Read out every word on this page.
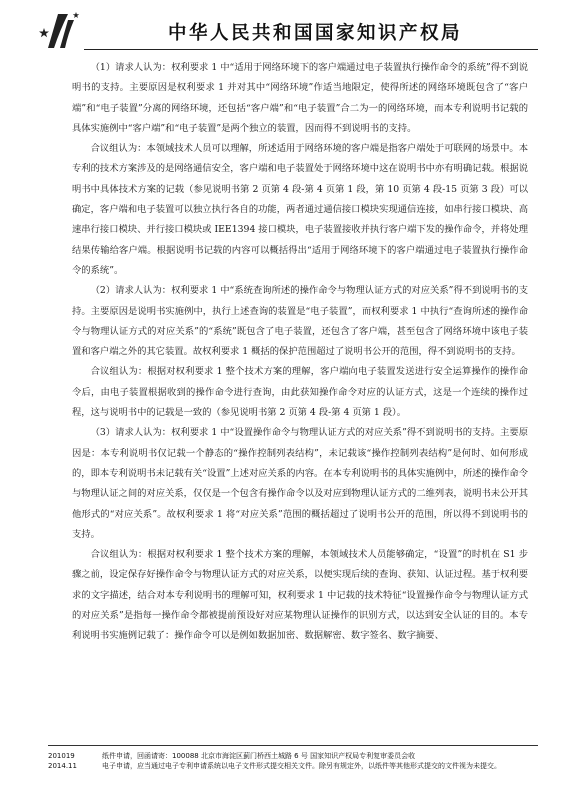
中华人民共和国国家知识产权局

（1）请求人认为：权利要求 1 中“适用于网络环境下的客户端通过电子装置执行操作命令的系统”得不到说明书的支持。主要原因是权利要求 1 并对其中“网络环境”作适当地限定，使得所述的网络环境既包含了“客户端”和“电子装置”分离的网络环境，还包括“客户端”和“电子装置”合二为一的网络环境，而本专利说明书记载的具体实施例中“客户端”和“电子装置”是两个独立的装置，因而得不到说明书的支持。

合议组认为：本领域技术人员可以理解，所述适用于网络环境的客户端是指客户端处于可联网的场景中。本专利的技术方案涉及的是网络通信安全，客户端和电子装置处于网络环境中这在说明书中亦有明确记载。根据说明书中具体技术方案的记载（参见说明书第 2 页第 4 段-第 4 页第 1 段，第 10 页第 4 段-15 页第 3 段）可以确定，客户端和电子装置可以独立执行各自的功能，两者通过通信接口模块实现通信连接，如串行接口模块、高速串行接口模块、并行接口模块或 IEE1394 接口模块，电子装置接收并执行客户端下发的操作命令，并将处理结果传输给客户端。根据说明书记载的内容可以概括得出“适用于网络环境下的客户端通过电子装置执行操作命令的系统”。

（2）请求人认为：权利要求 1 中“系统查询所述的操作命令与物理认证方式的对应关系”得不到说明书的支持。主要原因是说明书实施例中，执行上述查询的装置是“电子装置”，而权利要求 1 中执行“查询所述的操作命令与物理认证方式的对应关系”的“系统”既包含了电子装置，还包含了客户端，甚至包含了网络环境中该电子装置和客户端之外的其它装置。故权利要求 1 概括的保护范围超过了说明书公开的范围，得不到说明书的支持。

合议组认为：根据对权利要求 1 整个技术方案的理解，客户端向电子装置发送进行安全运算操作的操作命令后，由电子装置根据收到的操作命令进行查询，由此获知操作命令对应的认证方式，这是一个连续的操作过程，这与说明书中的记载是一致的（参见说明书第 2 页第 4 段-第 4 页第 1 段）。

（3）请求人认为：权利要求 1 中“设置操作命令与物理认证方式的对应关系”得不到说明书的支持。主要原因是：本专利说明书仅记载一个静态的“操作控制列表结构”，未记载该“操作控制列表结构”是何时、如何形成的，即本专利说明书未记载有关“设置”上述对应关系的内容。在本专利说明书的具体实施例中，所述的操作命令与物理认证之间的对应关系，仅仅是一个包含有操作命令以及对应到物理认证方式的二维列表，说明书未公开其他形式的“对应关系”。故权利要求 1 将“对应关系”范围的概括超过了说明书公开的范围，所以得不到说明书的支持。

合议组认为：根据对权利要求 1 整个技术方案的理解，本领域技术人员能够确定，“设置”的时机在 S1 步骤之前，设定保存好操作命令与物理认证方式的对应关系，以便实现后续的查询、获知、认证过程。基于权利要求的文字描述，结合对本专利说明书的理解可知，权利要求 1 中记载的技术特征“设置操作命令与物理认证方式的对应关系”是指每一操作命令都被提前预设好对应某物理认证操作的识别方式，以达到安全认证的目的。本专利说明书实施例记载了：操作命令可以是例如数据加密、数据解密、数字签名、数字摘要、

201019	纸件申请，回函请寄：100088 北京市海淀区蓟门桥西土城路 6 号 国家知识产权局专利复审委员会收
2014.11	电子申请，应当通过电子专利申请系统以电子文件形式提交相关文件。除另有规定外，以纸件等其他形式提交的文件视为未提交。
